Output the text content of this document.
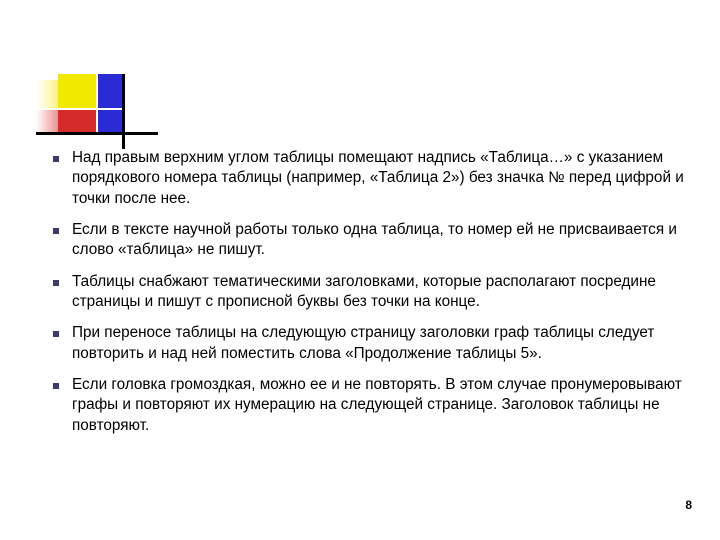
Над правым верхним углом таблицы помещают надпись «Таблица…» с указанием порядкового номера таблицы (например, «Таблица 2») без значка № перед цифрой и точки после нее.
Если в тексте научной работы только одна таблица, то номер ей не присваивается и слово «таблица» не пишут.
Таблицы снабжают тематическими заголовками, которые располагают посредине страницы и пишут с прописной буквы без точки на конце.
При переносе таблицы на следующую страницу заголовки граф таблицы следует повторить и над ней поместить слова «Продолжение таблицы 5».
Если головка громоздкая, можно ее и не повторять. В этом случае пронумеровывают графы и повторяют их нумерацию на следующей странице. Заголовок таблицы не повторяют.
8
